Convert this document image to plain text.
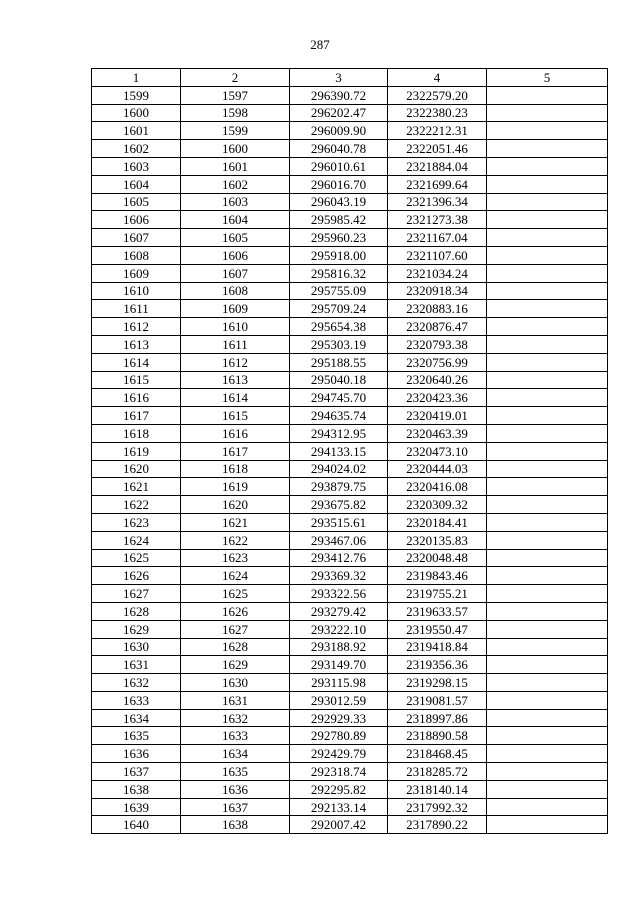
287
1	2	3	4	5
1599	1597	296390.72	2322579.20	
1600	1598	296202.47	2322380.23	
1601	1599	296009.90	2322212.31	
1602	1600	296040.78	2322051.46	
1603	1601	296010.61	2321884.04	
1604	1602	296016.70	2321699.64	
1605	1603	296043.19	2321396.34	
1606	1604	295985.42	2321273.38	
1607	1605	295960.23	2321167.04	
1608	1606	295918.00	2321107.60	
1609	1607	295816.32	2321034.24	
1610	1608	295755.09	2320918.34	
1611	1609	295709.24	2320883.16	
1612	1610	295654.38	2320876.47	
1613	1611	295303.19	2320793.38	
1614	1612	295188.55	2320756.99	
1615	1613	295040.18	2320640.26	
1616	1614	294745.70	2320423.36	
1617	1615	294635.74	2320419.01	
1618	1616	294312.95	2320463.39	
1619	1617	294133.15	2320473.10	
1620	1618	294024.02	2320444.03	
1621	1619	293879.75	2320416.08	
1622	1620	293675.82	2320309.32	
1623	1621	293515.61	2320184.41	
1624	1622	293467.06	2320135.83	
1625	1623	293412.76	2320048.48	
1626	1624	293369.32	2319843.46	
1627	1625	293322.56	2319755.21	
1628	1626	293279.42	2319633.57	
1629	1627	293222.10	2319550.47	
1630	1628	293188.92	2319418.84	
1631	1629	293149.70	2319356.36	
1632	1630	293115.98	2319298.15	
1633	1631	293012.59	2319081.57	
1634	1632	292929.33	2318997.86	
1635	1633	292780.89	2318890.58	
1636	1634	292429.79	2318468.45	
1637	1635	292318.74	2318285.72	
1638	1636	292295.82	2318140.14	
1639	1637	292133.14	2317992.32	
1640	1638	292007.42	2317890.22	
